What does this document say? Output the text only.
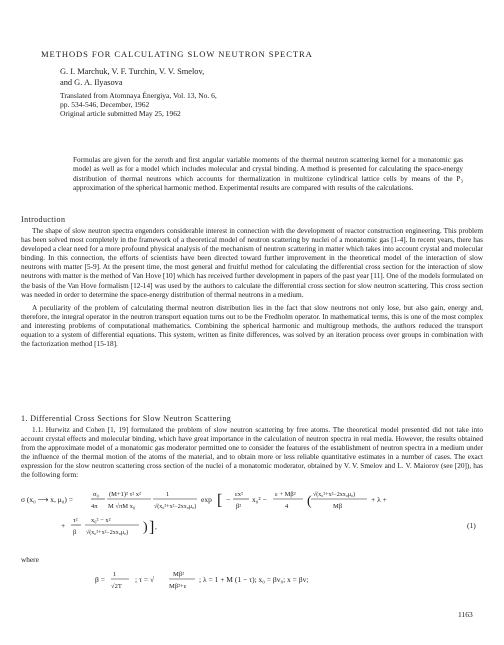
METHODS FOR CALCULATING SLOW NEUTRON SPECTRA
G. I. Marchuk, V. F. Turchin, V. V. Smelov,
and G. A. Ilyasova
Translated from Atomnaya Énergiya, Vol. 13, No. 6,
pp. 534-546, December, 1962
Original article submitted May 25, 1962
Formulas are given for the zeroth and first angular variable moments of the thermal neutron scattering kernel for a monatomic gas model as well as for a model which includes molecular and crystal binding. A method is presented for calculating the space-energy distribution of thermal neutrons which accounts for thermalization in multizone cylindrical lattice cells by means of the P₃ approximation of the spherical harmonic method. Experimental results are compared with results of the calculations.
Introduction

The shape of slow neutron spectra engenders considerable interest in connection with the development of reactor construction engineering. This problem has been solved most completely in the framework of a theoretical model of neutron scattering by nuclei of a monatomic gas [1-4]. In recent years, there has developed a clear need for a more profound physical analysis of the mechanism of neutron scattering in matter which takes into account crystal and molecular binding. In this connection, the efforts of scientists have been directed toward further improvement in the theoretical model of the interaction of slow neutrons with matter [5-9]. At the present time, the most general and fruitful method for calculating the differential cross section for the interaction of slow neutrons with matter is the method of Van Hove [10] which has received further development in papers of the past year [11]. One of the models formulated on the basis of the Van Hove formalism [12-14] was used by the authors to calculate the differential cross section for slow neutron scattering. This cross section was needed in order to determine the space-energy distribution of thermal neutrons in a medium.

A peculiarity of the problem of calculating thermal neutron distribution lies in the fact that slow neutrons not only lose, but also gain, energy and, therefore, the integral operator in the neutron transport equation turns out to be the Fredholm operator. In mathematical terms, this is one of the most complex and interesting problems of computational mathematics. Combining the spherical harmonic and multigroup methods, the authors reduced the transport equation to a system of differential equations. This system, written as finite differences, was solved by an iteration process over groups in combination with the factorization method [15-18].

1. Differential Cross Sections for Slow Neutron Scattering

1.1. Hurwitz and Cohen [1, 19] formulated the problem of slow neutron scattering by free atoms. The theoretical model presented did not take into account crystal effects and molecular binding, which have great importance in the calculation of neutron spectra in real media. However, the results obtained from the approximate model of a monatomic gas moderator permitted one to consider the features of the establishment of neutron spectra in a medium under the influence of the thermal motion of the atoms of the material, and to obtain more or less reliable quantitative estimates in a number of cases. The exact expression for the slow neutron scattering cross section of the nuclei of a monatomic moderator, obtained by V. V. Smelov and L. V. Maiorov (see [20]), has the following form:

σ (x₀ ⟶ x, μ₀) =
σ₀
4π
(M+1)² τ² x²
M √πM x₀
1
√(x₀²+x²−2xx₀μ₀)
exp [ −
εx²
β²
x₀² −
ε + Mβ²
4 ( √(x₀²+x²−2xx₀μ₀)
Mβ
+ λ +
+
τ²
β
x₀² − x²
√(x₀²+x²−2xx₀μ₀) ) ] ,	(1)
where
β =
1
√2T
; τ = √
Mβ²
Mβ²+ε
; λ = 1 + M (1 − τ); x₀ = βv₀; x = βv;
1163
